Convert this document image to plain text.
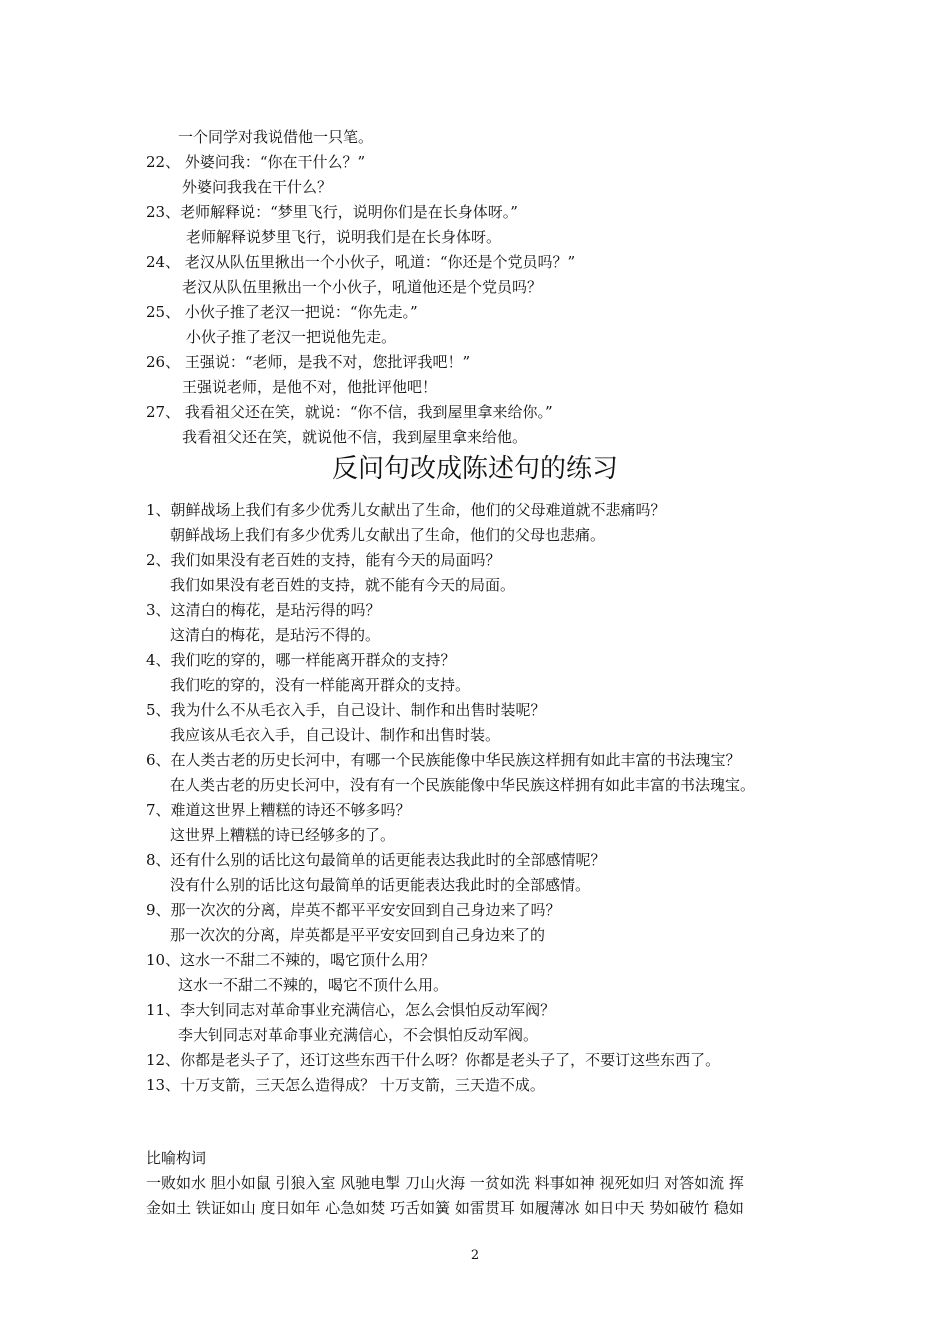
一个同学对我说借他一只笔。
22、 外婆问我：“你在干什么？”
外婆问我我在干什么？
23、老师解释说：“梦里飞行，说明你们是在长身体呀。”
老师解释说梦里飞行，说明我们是在长身体呀。
24、 老汉从队伍里揪出一个小伙子，吼道：“你还是个党员吗？”
老汉从队伍里揪出一个小伙子，吼道他还是个党员吗？
25、 小伙子推了老汉一把说：“你先走。”
小伙子推了老汉一把说他先走。
26、 王强说：“老师，是我不对，您批评我吧！”
王强说老师，是他不对，他批评他吧！
27、 我看祖父还在笑，就说：“你不信，我到屋里拿来给你。”
我看祖父还在笑，就说他不信，我到屋里拿来给他。
反问句改成陈述句的练习
1、朝鲜战场上我们有多少优秀儿女献出了生命，他们的父母难道就不悲痛吗？
朝鲜战场上我们有多少优秀儿女献出了生命，他们的父母也悲痛。
2、我们如果没有老百姓的支持，能有今天的局面吗？
我们如果没有老百姓的支持，就不能有今天的局面。
3、这清白的梅花，是玷污得的吗？
这清白的梅花，是玷污不得的。
4、我们吃的穿的，哪一样能离开群众的支持？
我们吃的穿的，没有一样能离开群众的支持。
5、我为什么不从毛衣入手，自己设计、制作和出售时装呢？
我应该从毛衣入手，自己设计、制作和出售时装。
6、在人类古老的历史长河中，有哪一个民族能像中华民族这样拥有如此丰富的书法瑰宝？
在人类古老的历史长河中，没有有一个民族能像中华民族这样拥有如此丰富的书法瑰宝。
7、难道这世界上糟糕的诗还不够多吗？
这世界上糟糕的诗已经够多的了。
8、还有什么别的话比这句最简单的话更能表达我此时的全部感情呢？
没有什么别的话比这句最简单的话更能表达我此时的全部感情。
9、那一次次的分离，岸英不都平平安安回到自己身边来了吗？
那一次次的分离，岸英都是平平安安回到自己身边来了的
10、这水一不甜二不辣的，喝它顶什么用？
这水一不甜二不辣的，喝它不顶什么用。
11、李大钊同志对革命事业充满信心，怎么会惧怕反动军阀？
李大钊同志对革命事业充满信心，不会惧怕反动军阀。
12、你都是老头子了，还订这些东西干什么呀？你都是老头子了，不要订这些东西了。
13、十万支箭，三天怎么造得成？ 十万支箭，三天造不成。
比喻构词
一败如水 胆小如鼠 引狼入室 风驰电掣 刀山火海 一贫如洗 料事如神 视死如归 对答如流 挥
金如土 铁证如山 度日如年 心急如焚 巧舌如簧 如雷贯耳 如履薄冰 如日中天 势如破竹 稳如
2
